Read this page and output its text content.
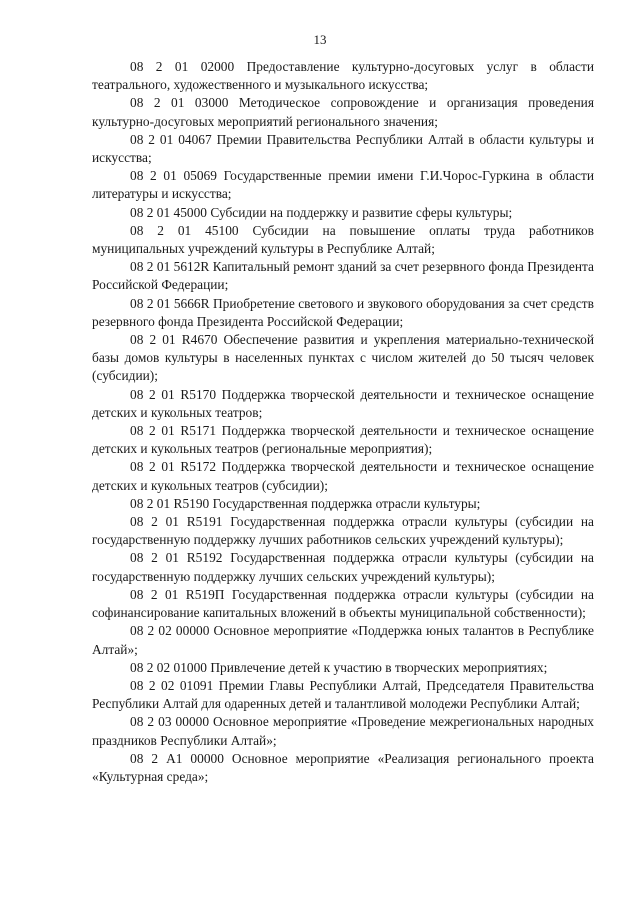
13

08 2 01 02000 Предоставление культурно-досуговых услуг в области театрального, художественного и музыкального искусства;

08 2 01 03000 Методическое сопровождение и организация проведения культурно-досуговых мероприятий регионального значения;

08 2 01 04067 Премии Правительства Республики Алтай в области культуры и искусства;

08 2 01 05069 Государственные премии имени Г.И.Чорос-Гуркина в области литературы и искусства;

08 2 01 45000 Субсидии на поддержку и развитие сферы культуры;

08 2 01 45100 Субсидии на повышение оплаты труда работников муниципальных учреждений культуры в Республике Алтай;

08 2 01 5612R Капитальный ремонт зданий за счет резервного фонда Президента Российской Федерации;

08 2 01 5666R Приобретение светового и звукового оборудования за счет средств резервного фонда Президента Российской Федерации;

08 2 01 R4670 Обеспечение развития и укрепления материально-технической базы домов культуры в населенных пунктах с числом жителей до 50 тысяч человек (субсидии);

08 2 01 R5170 Поддержка творческой деятельности и техническое оснащение детских и кукольных театров;

08 2 01 R5171 Поддержка творческой деятельности и техническое оснащение детских и кукольных театров (региональные мероприятия);

08 2 01 R5172 Поддержка творческой деятельности и техническое оснащение детских и кукольных театров (субсидии);

08 2 01 R5190 Государственная поддержка отрасли культуры;

08 2 01 R5191 Государственная поддержка отрасли культуры (субсидии на государственную поддержку лучших работников сельских учреждений культуры);

08 2 01 R5192 Государственная поддержка отрасли культуры (субсидии на государственную поддержку лучших сельских учреждений культуры);

08 2 01 R519П Государственная поддержка отрасли культуры (субсидии на софинансирование капитальных вложений в объекты муниципальной собственности);

08 2 02 00000 Основное мероприятие «Поддержка юных талантов в Республике Алтай»;

08 2 02 01000 Привлечение детей к участию в творческих мероприятиях;

08 2 02 01091 Премии Главы Республики Алтай, Председателя Правительства Республики Алтай для одаренных детей и талантливой молодежи Республики Алтай;

08 2 03 00000 Основное мероприятие «Проведение межрегиональных народных праздников Республики Алтай»;

08 2 А1 00000 Основное мероприятие «Реализация регионального проекта «Культурная среда»;
